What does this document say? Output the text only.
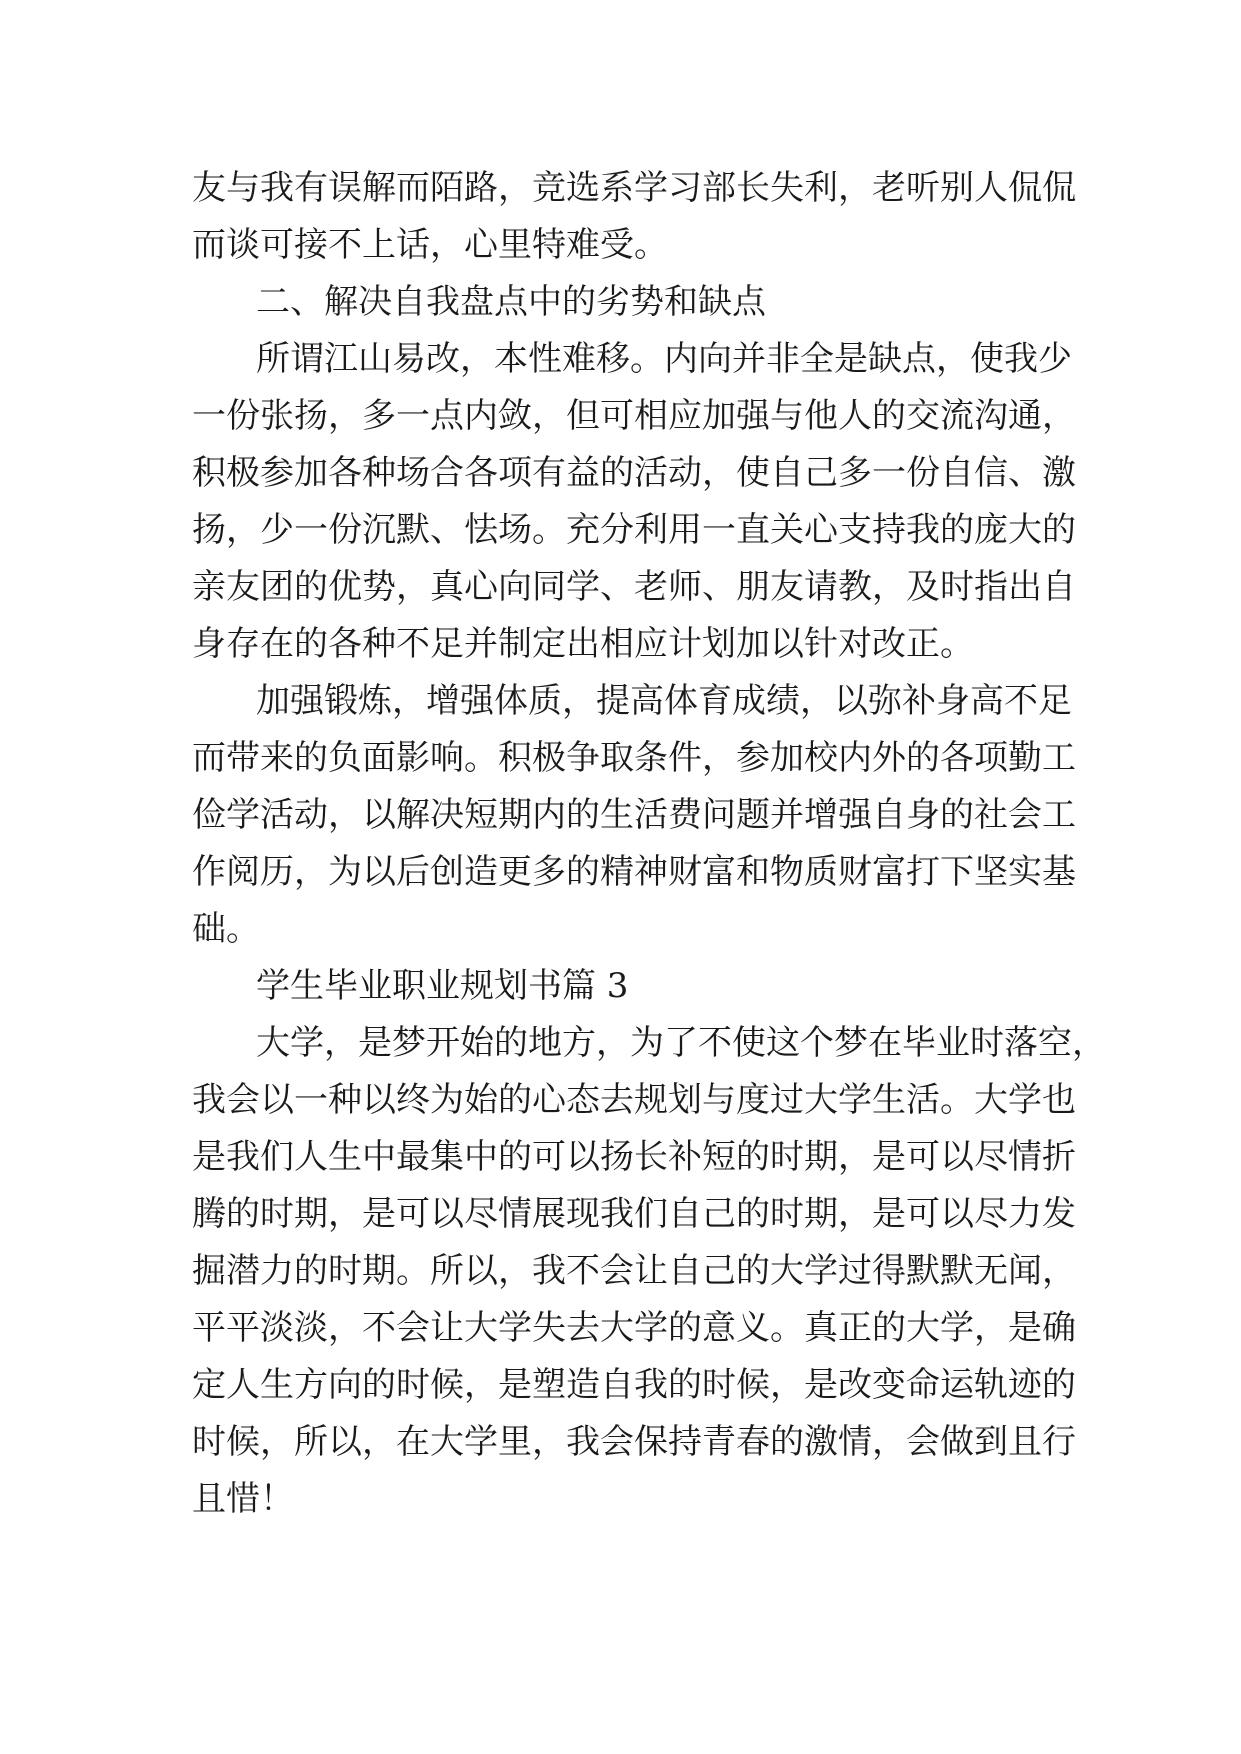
友与我有误解而陌路，竞选系学习部长失利，老听别人侃侃
而谈可接不上话，心里特难受。
二、解决自我盘点中的劣势和缺点
所谓江山易改，本性难移。内向并非全是缺点，使我少
一份张扬，多一点内敛，但可相应加强与他人的交流沟通，
积极参加各种场合各项有益的活动，使自己多一份自信、激
扬，少一份沉默、怯场。充分利用一直关心支持我的庞大的
亲友团的优势，真心向同学、老师、朋友请教，及时指出自
身存在的各种不足并制定出相应计划加以针对改正。
加强锻炼，增强体质，提高体育成绩，以弥补身高不足
而带来的负面影响。积极争取条件，参加校内外的各项勤工
俭学活动，以解决短期内的生活费问题并增强自身的社会工
作阅历，为以后创造更多的精神财富和物质财富打下坚实基
础。
学生毕业职业规划书篇 3
大学，是梦开始的地方，为了不使这个梦在毕业时落空，
我会以一种以终为始的心态去规划与度过大学生活。大学也
是我们人生中最集中的可以扬长补短的时期，是可以尽情折
腾的时期，是可以尽情展现我们自己的时期，是可以尽力发
掘潜力的时期。所以，我不会让自己的大学过得默默无闻，
平平淡淡，不会让大学失去大学的意义。真正的大学，是确
定人生方向的时候，是塑造自我的时候，是改变命运轨迹的
时候，所以，在大学里，我会保持青春的激情，会做到且行
且惜！
